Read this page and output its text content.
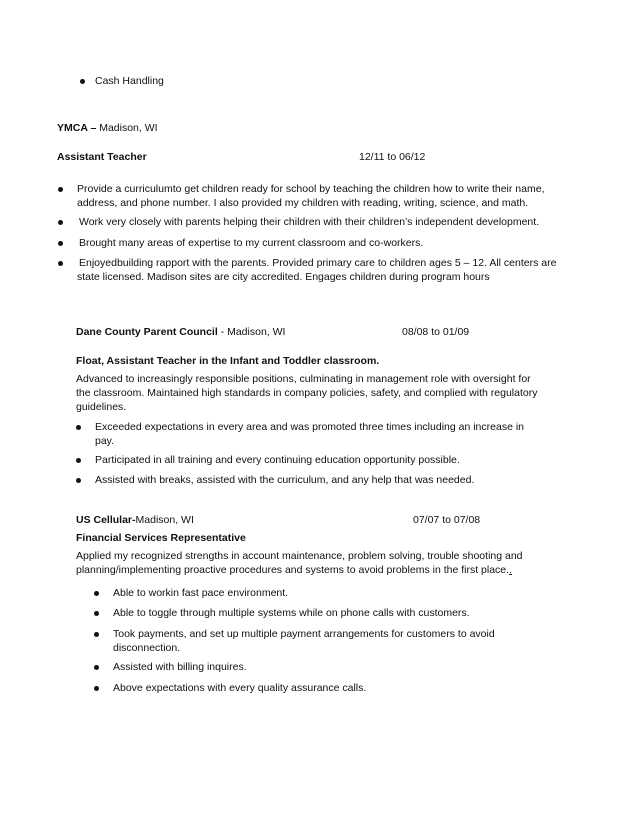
Cash Handling
YMCA – Madison, WI
Assistant Teacher	12/11 to 06/12
Provide a curriculumto get children ready for school by teaching the children how to write their name,
address, and phone number. I also provided my children with reading, writing, science, and math.
Work very closely with parents helping their children with their children’s independent development.
Brought many areas of expertise to my current classroom and co-workers.
Enjoyedbuilding rapport with the parents. Provided primary care to children ages 5 – 12. All centers are
state licensed. Madison sites are city accredited. Engages children during program hours
Dane County Parent Council - Madison, WI	08/08 to 01/09
Float, Assistant Teacher in the Infant and Toddler classroom.
Advanced to increasingly responsible positions, culminating in management role with oversight for
the classroom. Maintained high standards in company policies, safety, and complied with regulatory
guidelines.
Exceeded expectations in every area and was promoted three times including an increase in
pay.
Participated in all training and every continuing education opportunity possible.
Assisted with breaks, assisted with the curriculum, and any help that was needed.
US Cellular-Madison, WI	07/07 to 07/08
Financial Services Representative
Applied my recognized strengths in account maintenance, problem solving, trouble shooting and
planning/implementing proactive procedures and systems to avoid problems in the first place..
Able to workin fast pace environment.
Able to toggle through multiple systems while on phone calls with customers.
Took payments, and set up multiple payment arrangements for customers to avoid
disconnection.
Assisted with billing inquires.
Above expectations with every quality assurance calls.
